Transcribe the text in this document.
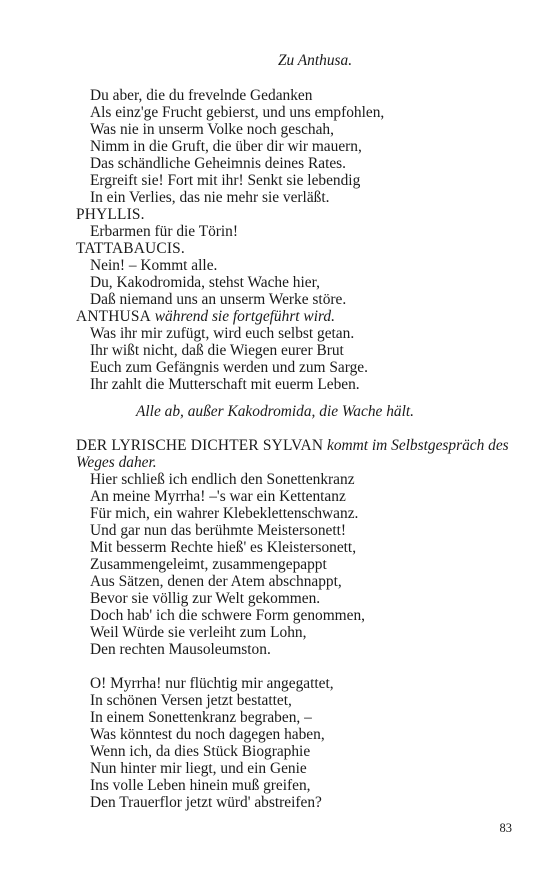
Zu Anthusa.
Du aber, die du frevelnde Gedanken
Als einz'ge Frucht gebierst, und uns empfohlen,
Was nie in unserm Volke noch geschah,
Nimm in die Gruft, die über dir wir mauern,
Das schändliche Geheimnis deines Rates.
Ergreift sie! Fort mit ihr! Senkt sie lebendig
In ein Verlies, das nie mehr sie verläßt.
PHYLLIS.
Erbarmen für die Törin!
TATTABAUCIS.
Nein! – Kommt alle.
Du, Kakodromida, stehst Wache hier,
Daß niemand uns an unserm Werke störe.
ANTHUSA während sie fortgeführt wird.
Was ihr mir zufügt, wird euch selbst getan.
Ihr wißt nicht, daß die Wiegen eurer Brut
Euch zum Gefängnis werden und zum Sarge.
Ihr zahlt die Mutterschaft mit euerm Leben.
Alle ab, außer Kakodromida, die Wache hält.
DER LYRISCHE DICHTER SYLVAN kommt im Selbstgespräch des
Weges daher.
Hier schließ ich endlich den Sonettenkranz
An meine Myrrha! –'s war ein Kettentanz
Für mich, ein wahrer Klebeklettenschwanz.
Und gar nun das berühmte Meistersonett!
Mit besserm Rechte hieß' es Kleistersonett,
Zusammengeleimt, zusammengepappt
Aus Sätzen, denen der Atem abschnappt,
Bevor sie völlig zur Welt gekommen.
Doch hab' ich die schwere Form genommen,
Weil Würde sie verleiht zum Lohn,
Den rechten Mausoleumston.
O! Myrrha! nur flüchtig mir angegattet,
In schönen Versen jetzt bestattet,
In einem Sonettenkranz begraben, –
Was könntest du noch dagegen haben,
Wenn ich, da dies Stück Biographie
Nun hinter mir liegt, und ein Genie
Ins volle Leben hinein muß greifen,
Den Trauerflor jetzt würd' abstreifen?
83
